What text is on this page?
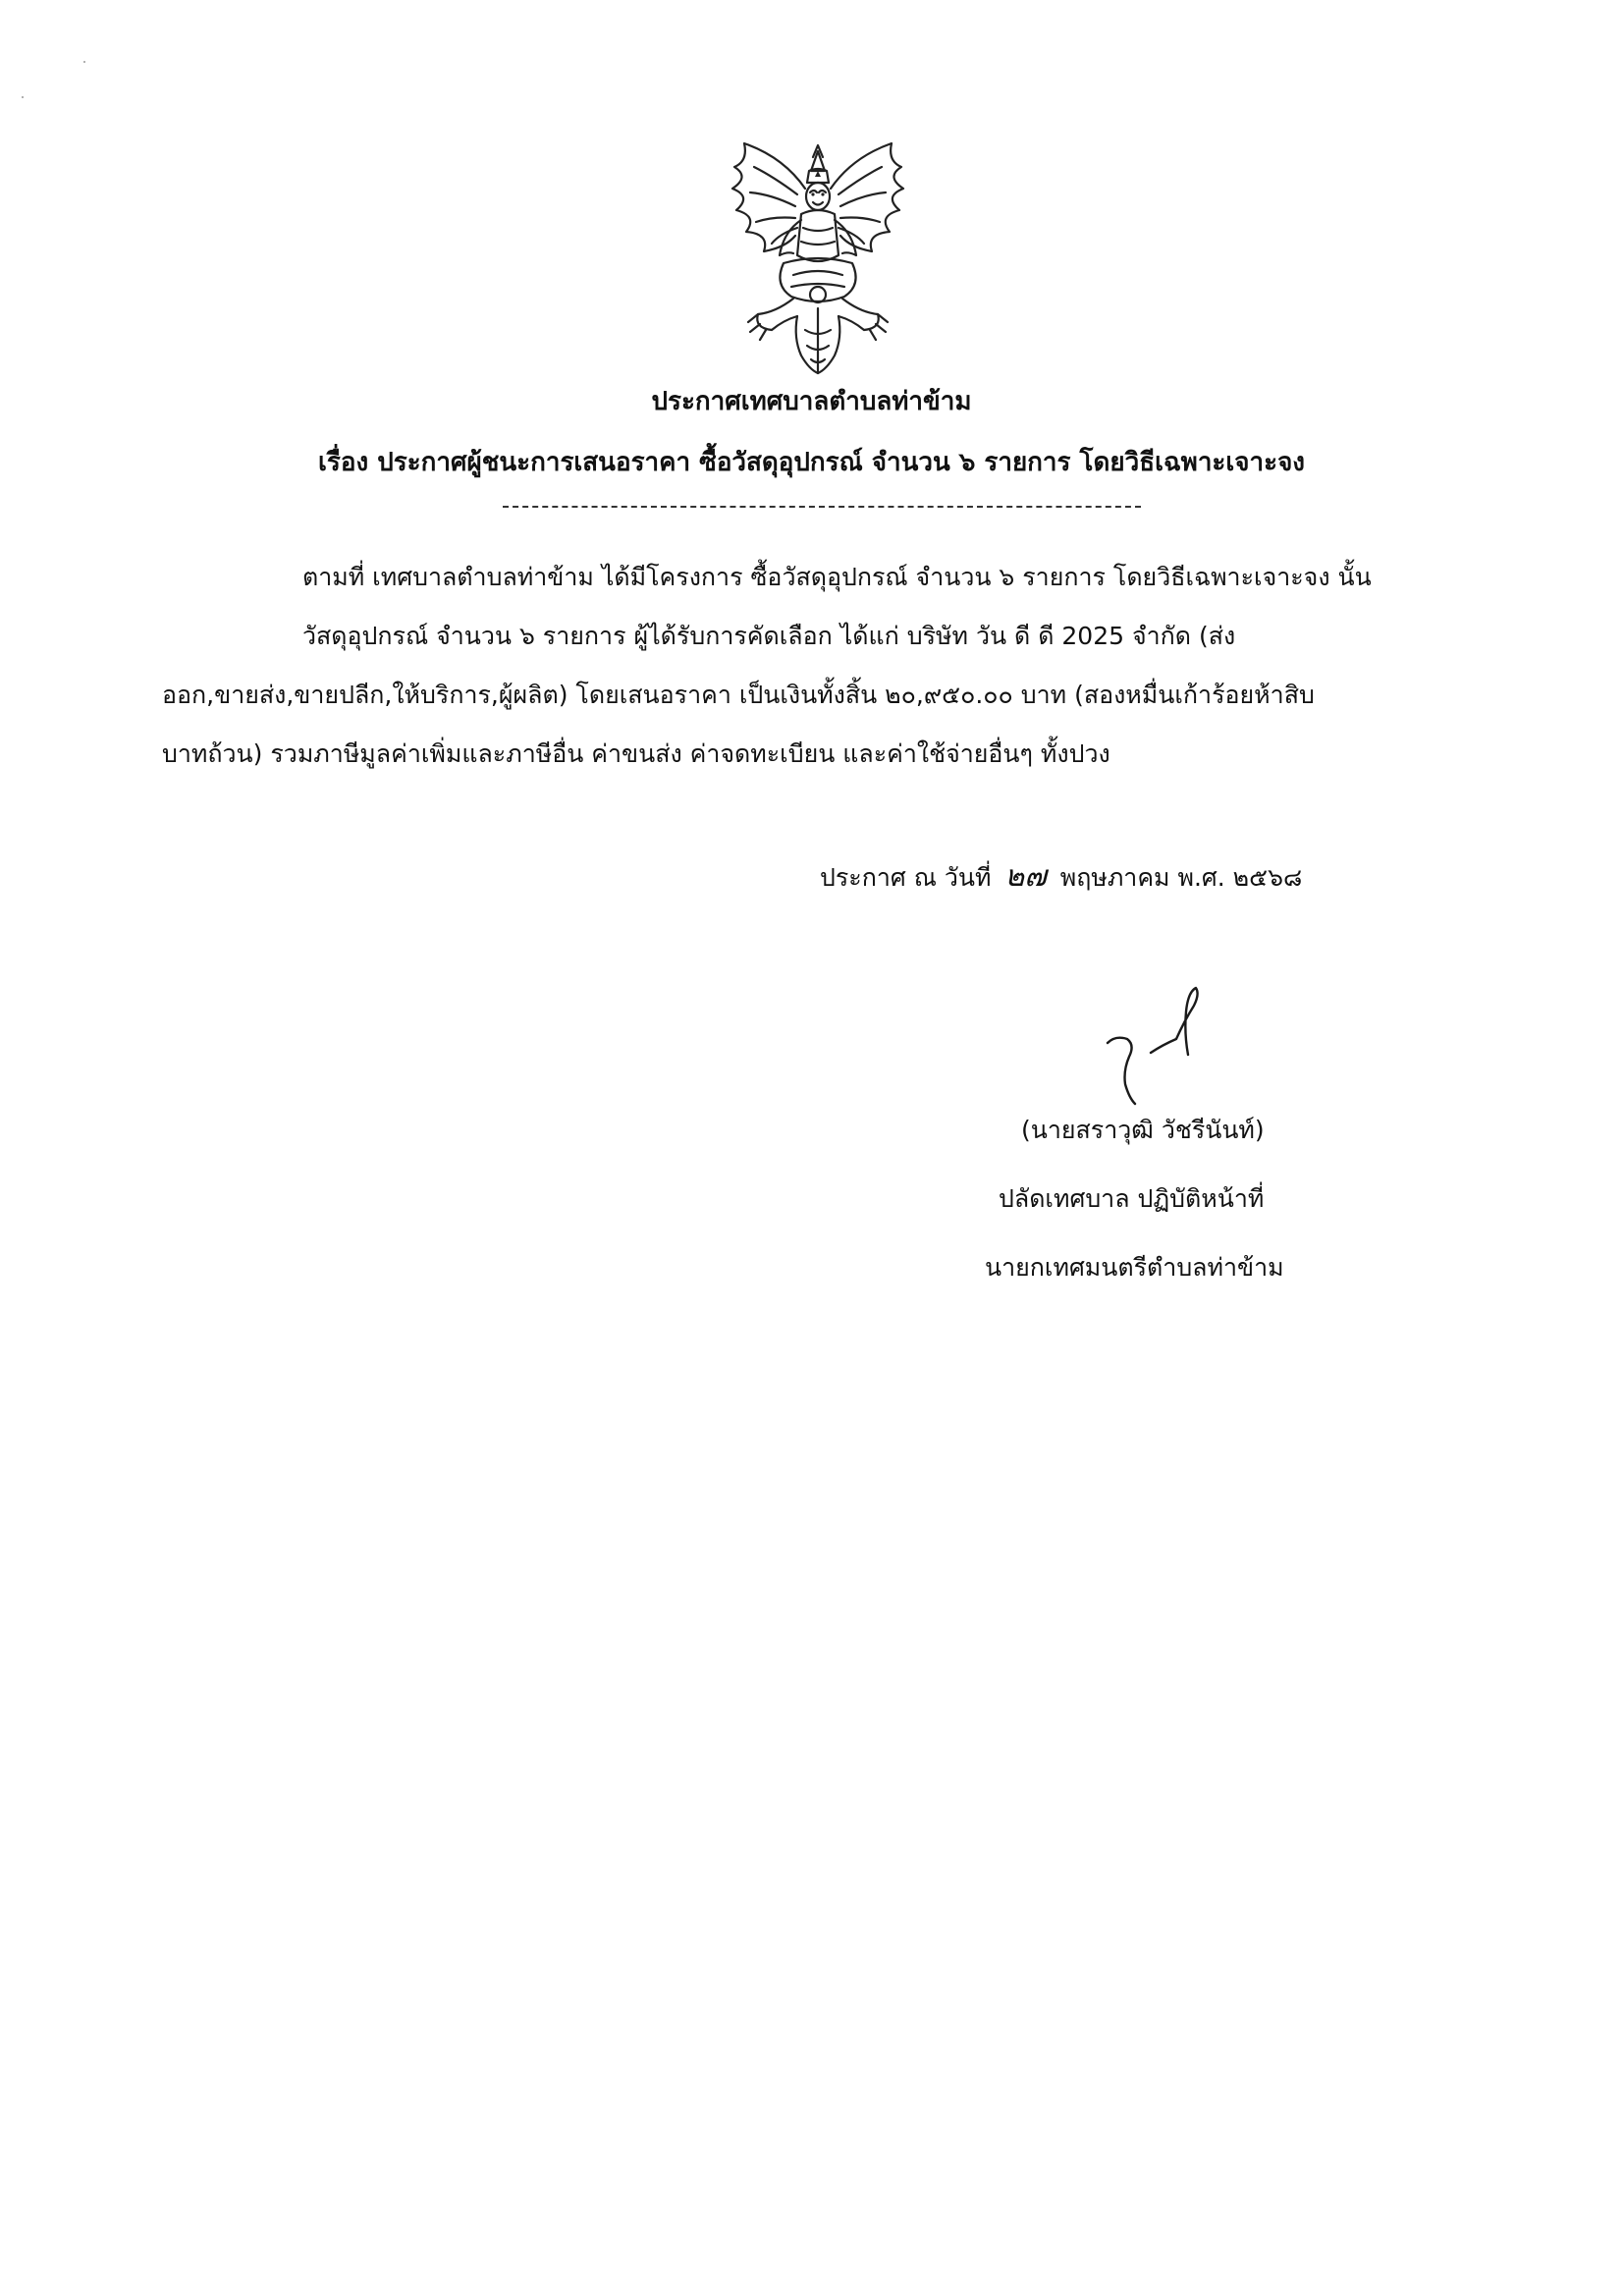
ประกาศเทศบาลตำบลท่าข้าม
เรื่อง ประกาศผู้ชนะการเสนอราคา ซื้อวัสดุอุปกรณ์ จำนวน ๖ รายการ โดยวิธีเฉพาะเจาะจง
ตามที่ เทศบาลตำบลท่าข้าม ได้มีโครงการ ซื้อวัสดุอุปกรณ์ จำนวน ๖ รายการ โดยวิธีเฉพาะเจาะจง นั้น
วัสดุอุปกรณ์ จำนวน ๖ รายการ ผู้ได้รับการคัดเลือก ได้แก่ บริษัท วัน ดี ดี 2025 จำกัด (ส่ง
ออก,ขายส่ง,ขายปลีก,ให้บริการ,ผู้ผลิต) โดยเสนอราคา เป็นเงินทั้งสิ้น ๒๐,๙๕๐.๐๐ บาท (สองหมื่นเก้าร้อยห้าสิบ
บาทถ้วน) รวมภาษีมูลค่าเพิ่มและภาษีอื่น ค่าขนส่ง ค่าจดทะเบียน และค่าใช้จ่ายอื่นๆ ทั้งปวง
ประกาศ ณ วันที่ ๒๗ พฤษภาคม พ.ศ. ๒๕๖๘
(นายสราวุฒิ วัชรีนันท์)
ปลัดเทศบาล ปฏิบัติหน้าที่
นายกเทศมนตรีตำบลท่าข้าม
